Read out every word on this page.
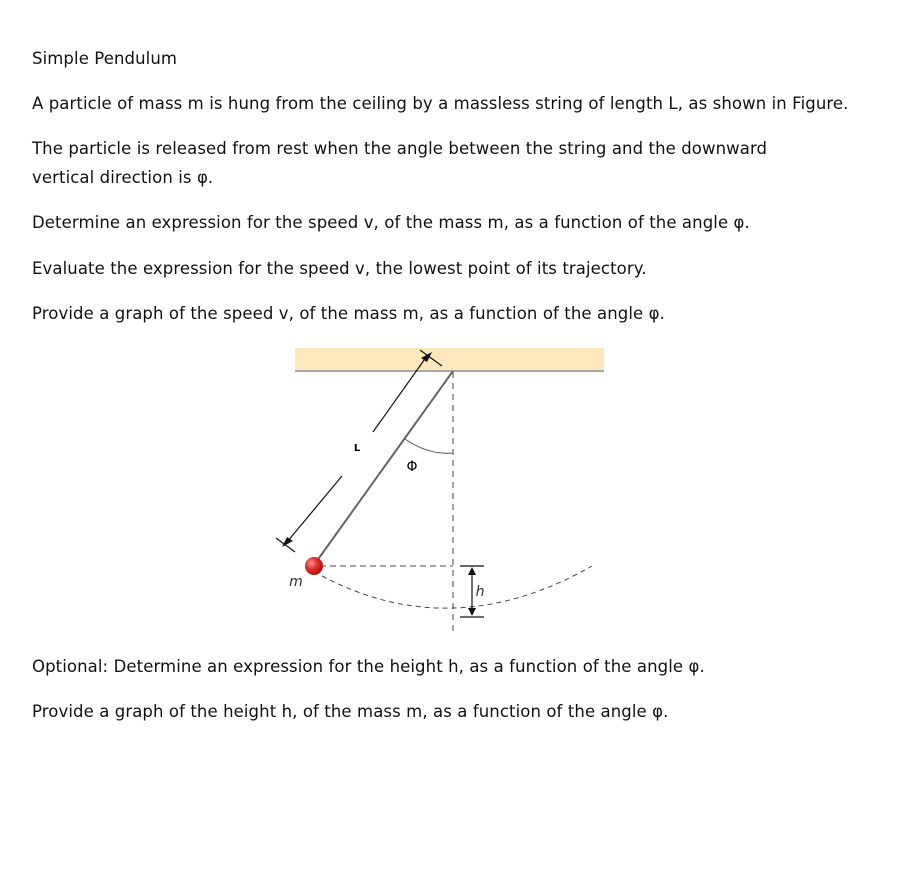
Simple Pendulum
A particle of mass m is hung from the ceiling by a massless string of length L, as shown in Figure.
The particle is released from rest when the angle between the string and the downward vertical direction is φ.
Determine an expression for the speed v, of the mass m, as a function of the angle φ.
Evaluate the expression for the speed v, the lowest point of its trajectory.
Provide a graph of the speed v, of the mass m, as a function of the angle φ.
L
Φ
m
h
Optional: Determine an expression for the height h, as a function of the angle φ.
Provide a graph of the height h, of the mass m, as a function of the angle φ.
